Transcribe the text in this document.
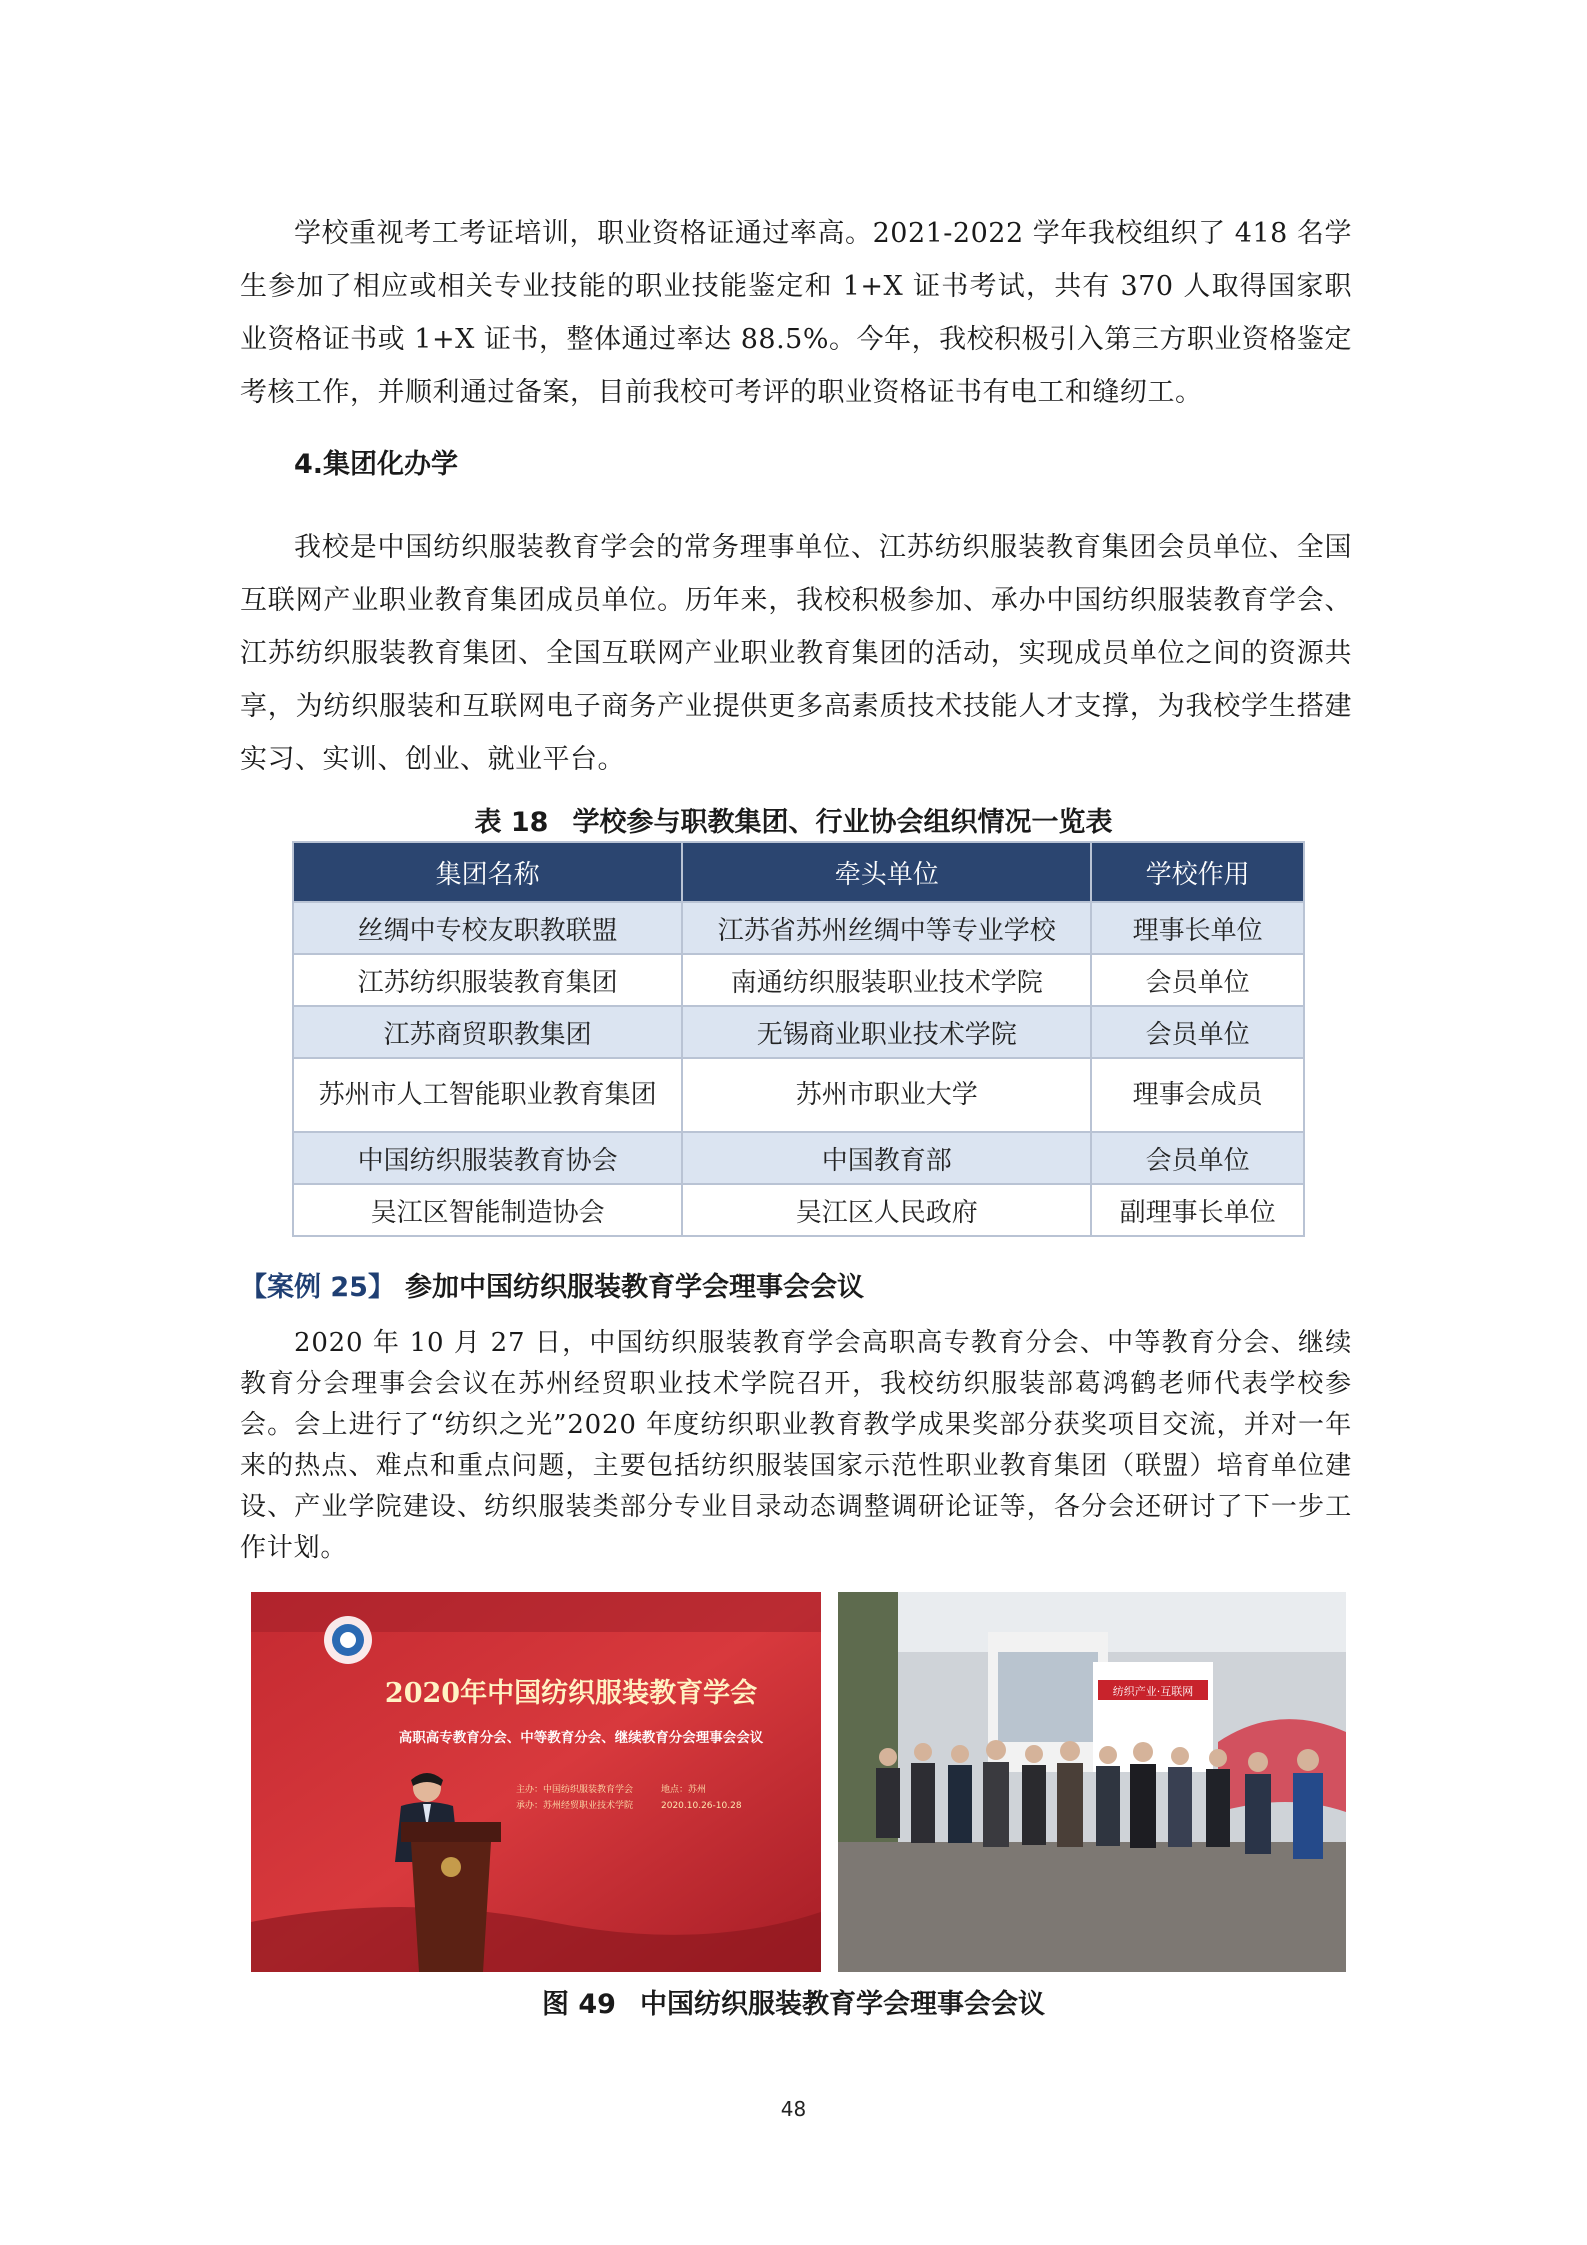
学校重视考工考证培训，职业资格证通过率高。2021-2022 学年我校组织了 418 名学生参加了相应或相关专业技能的职业技能鉴定和 1+X 证书考试，共有 370 人取得国家职业资格证书或 1+X 证书，整体通过率达 88.5%。今年，我校积极引入第三方职业资格鉴定考核工作，并顺利通过备案，目前我校可考评的职业资格证书有电工和缝纫工。

4.集团化办学

我校是中国纺织服装教育学会的常务理事单位、江苏纺织服装教育集团会员单位、全国互联网产业职业教育集团成员单位。历年来，我校积极参加、承办中国纺织服装教育学会、江苏纺织服装教育集团、全国互联网产业职业教育集团的活动，实现成员单位之间的资源共享，为纺织服装和互联网电子商务产业提供更多高素质技术技能人才支撑，为我校学生搭建实习、实训、创业、就业平台。

表 18 学校参与职教集团、行业协会组织情况一览表
集团名称	牵头单位	学校作用
丝绸中专校友职教联盟	江苏省苏州丝绸中等专业学校	理事长单位
江苏纺织服装教育集团	南通纺织服装职业技术学院	会员单位
江苏商贸职教集团	无锡商业职业技术学院	会员单位
苏州市人工智能职业教育集团	苏州市职业大学	理事会成员
中国纺织服装教育协会	中国教育部	会员单位
吴江区智能制造协会	吴江区人民政府	副理事长单位
【案例 25】 参加中国纺织服装教育学会理事会会议

2020 年 10 月 27 日，中国纺织服装教育学会高职高专教育分会、中等教育分会、继续教育分会理事会会议在苏州经贸职业技术学院召开，我校纺织服装部葛鸿鹤老师代表学校参会。会上进行了“纺织之光”2020 年度纺织职业教育教学成果奖部分获奖项目交流，并对一年来的热点、难点和重点问题，主要包括纺织服装国家示范性职业教育集团（联盟）培育单位建设、产业学院建设、纺织服装类部分专业目录动态调整调研论证等，各分会还研讨了下一步工作计划。

2020年中国纺织服装教育学会
高职高专教育分会、中等教育分会、继续教育分会理事会会议
主办：中国纺织服装教育学会
承办：苏州经贸职业技术学院
地点：苏州
2020.10.26-10.28
纺织产业·互联网
图 49 中国纺织服装教育学会理事会会议
48
